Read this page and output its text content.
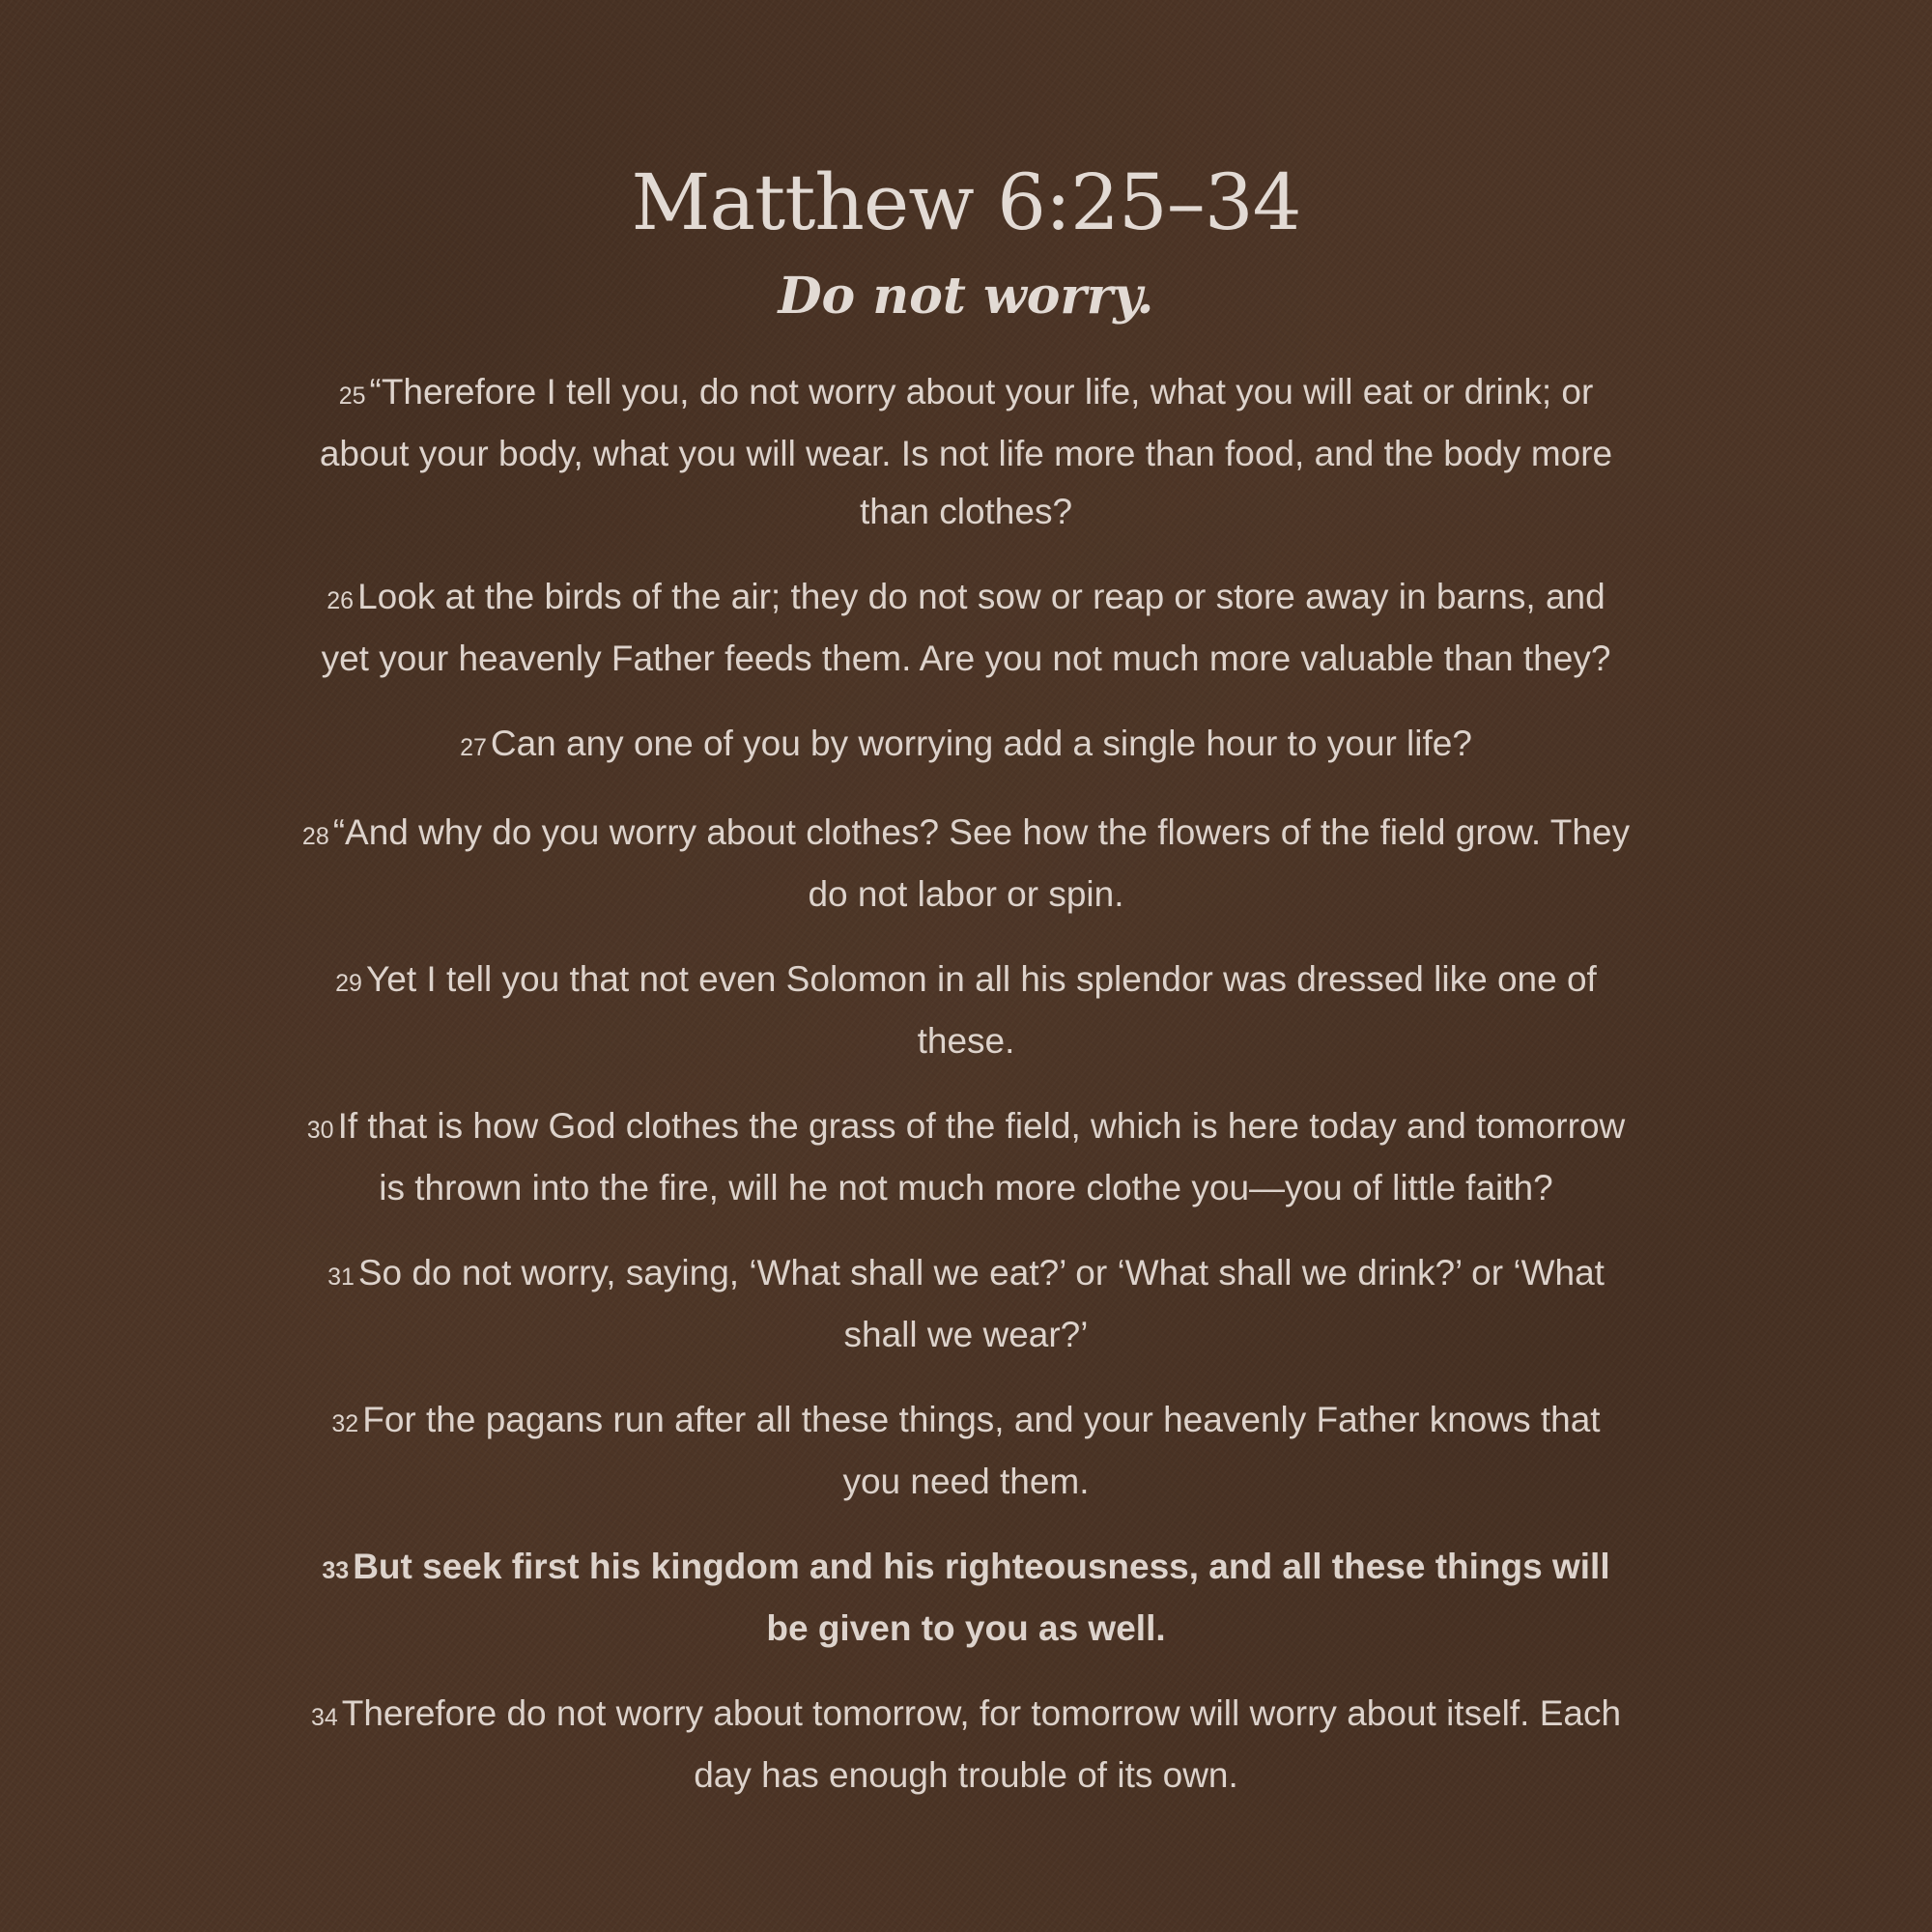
Matthew 6:25–34
Do not worry.

25 “Therefore I tell you, do not worry about your life, what you will eat or drink; or about your body, what you will wear. Is not life more than food, and the body more than clothes?

26 Look at the birds of the air; they do not sow or reap or store away in barns, and yet your heavenly Father feeds them. Are you not much more valuable than they?

27 Can any one of you by worrying add a single hour to your life?

28 “And why do you worry about clothes? See how the flowers of the field grow. They do not labor or spin.

29 Yet I tell you that not even Solomon in all his splendor was dressed like one of these.

30 If that is how God clothes the grass of the field, which is here today and tomorrow is thrown into the fire, will he not much more clothe you—you of little faith?

31 So do not worry, saying, ‘What shall we eat?’ or ‘What shall we drink?’ or ‘What shall we wear?’

32 For the pagans run after all these things, and your heavenly Father knows that you need them.

33 But seek first his kingdom and his righteousness, and all these things will be given to you as well.

34 Therefore do not worry about tomorrow, for tomorrow will worry about itself. Each day has enough trouble of its own.
